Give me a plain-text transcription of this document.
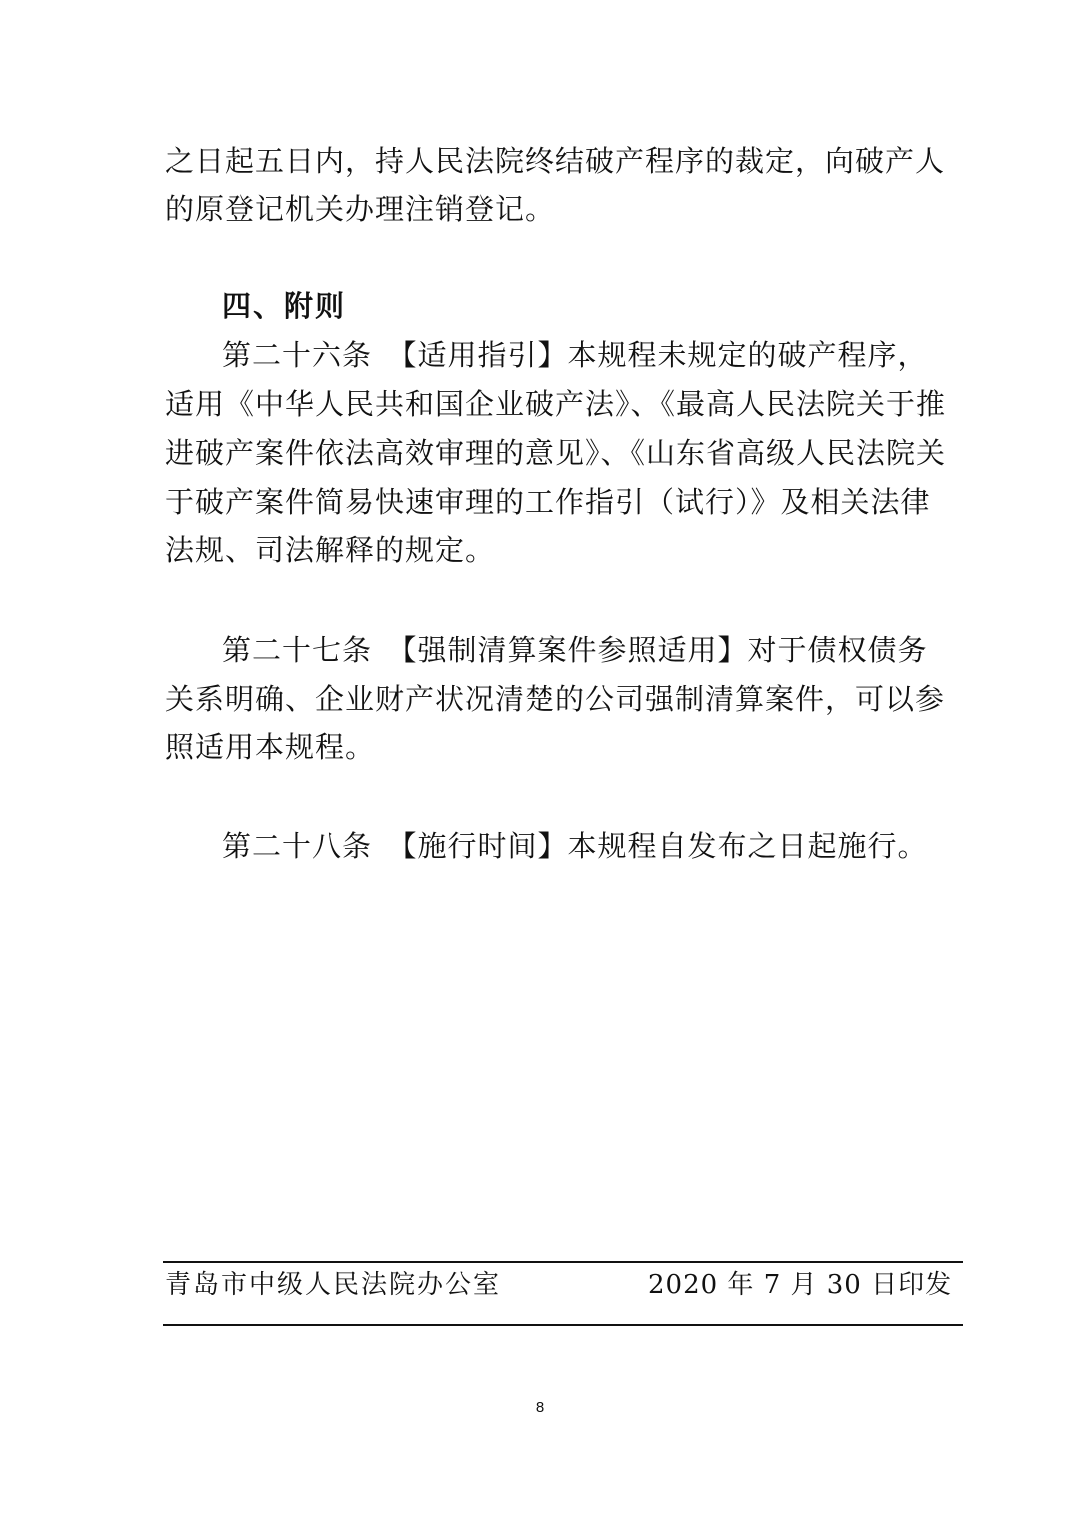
之日起五日内，持人民法院终结破产程序的裁定，向破产人
的原登记机关办理注销登记。
四、附则
第二十六条　【适用指引】本规程未规定的破产程序，
适用《中华人民共和国企业破产法》、《最高人民法院关于推
进破产案件依法高效审理的意见》、《山东省高级人民法院关
于破产案件简易快速审理的工作指引（试行）》及相关法律
法规、司法解释的规定。
第二十七条　【强制清算案件参照适用】对于债权债务
关系明确、企业财产状况清楚的公司强制清算案件，可以参
照适用本规程。
第二十八条　【施行时间】本规程自发布之日起施行。
青岛市中级人民法院办公室	2020 年 7 月 30 日印发
8
